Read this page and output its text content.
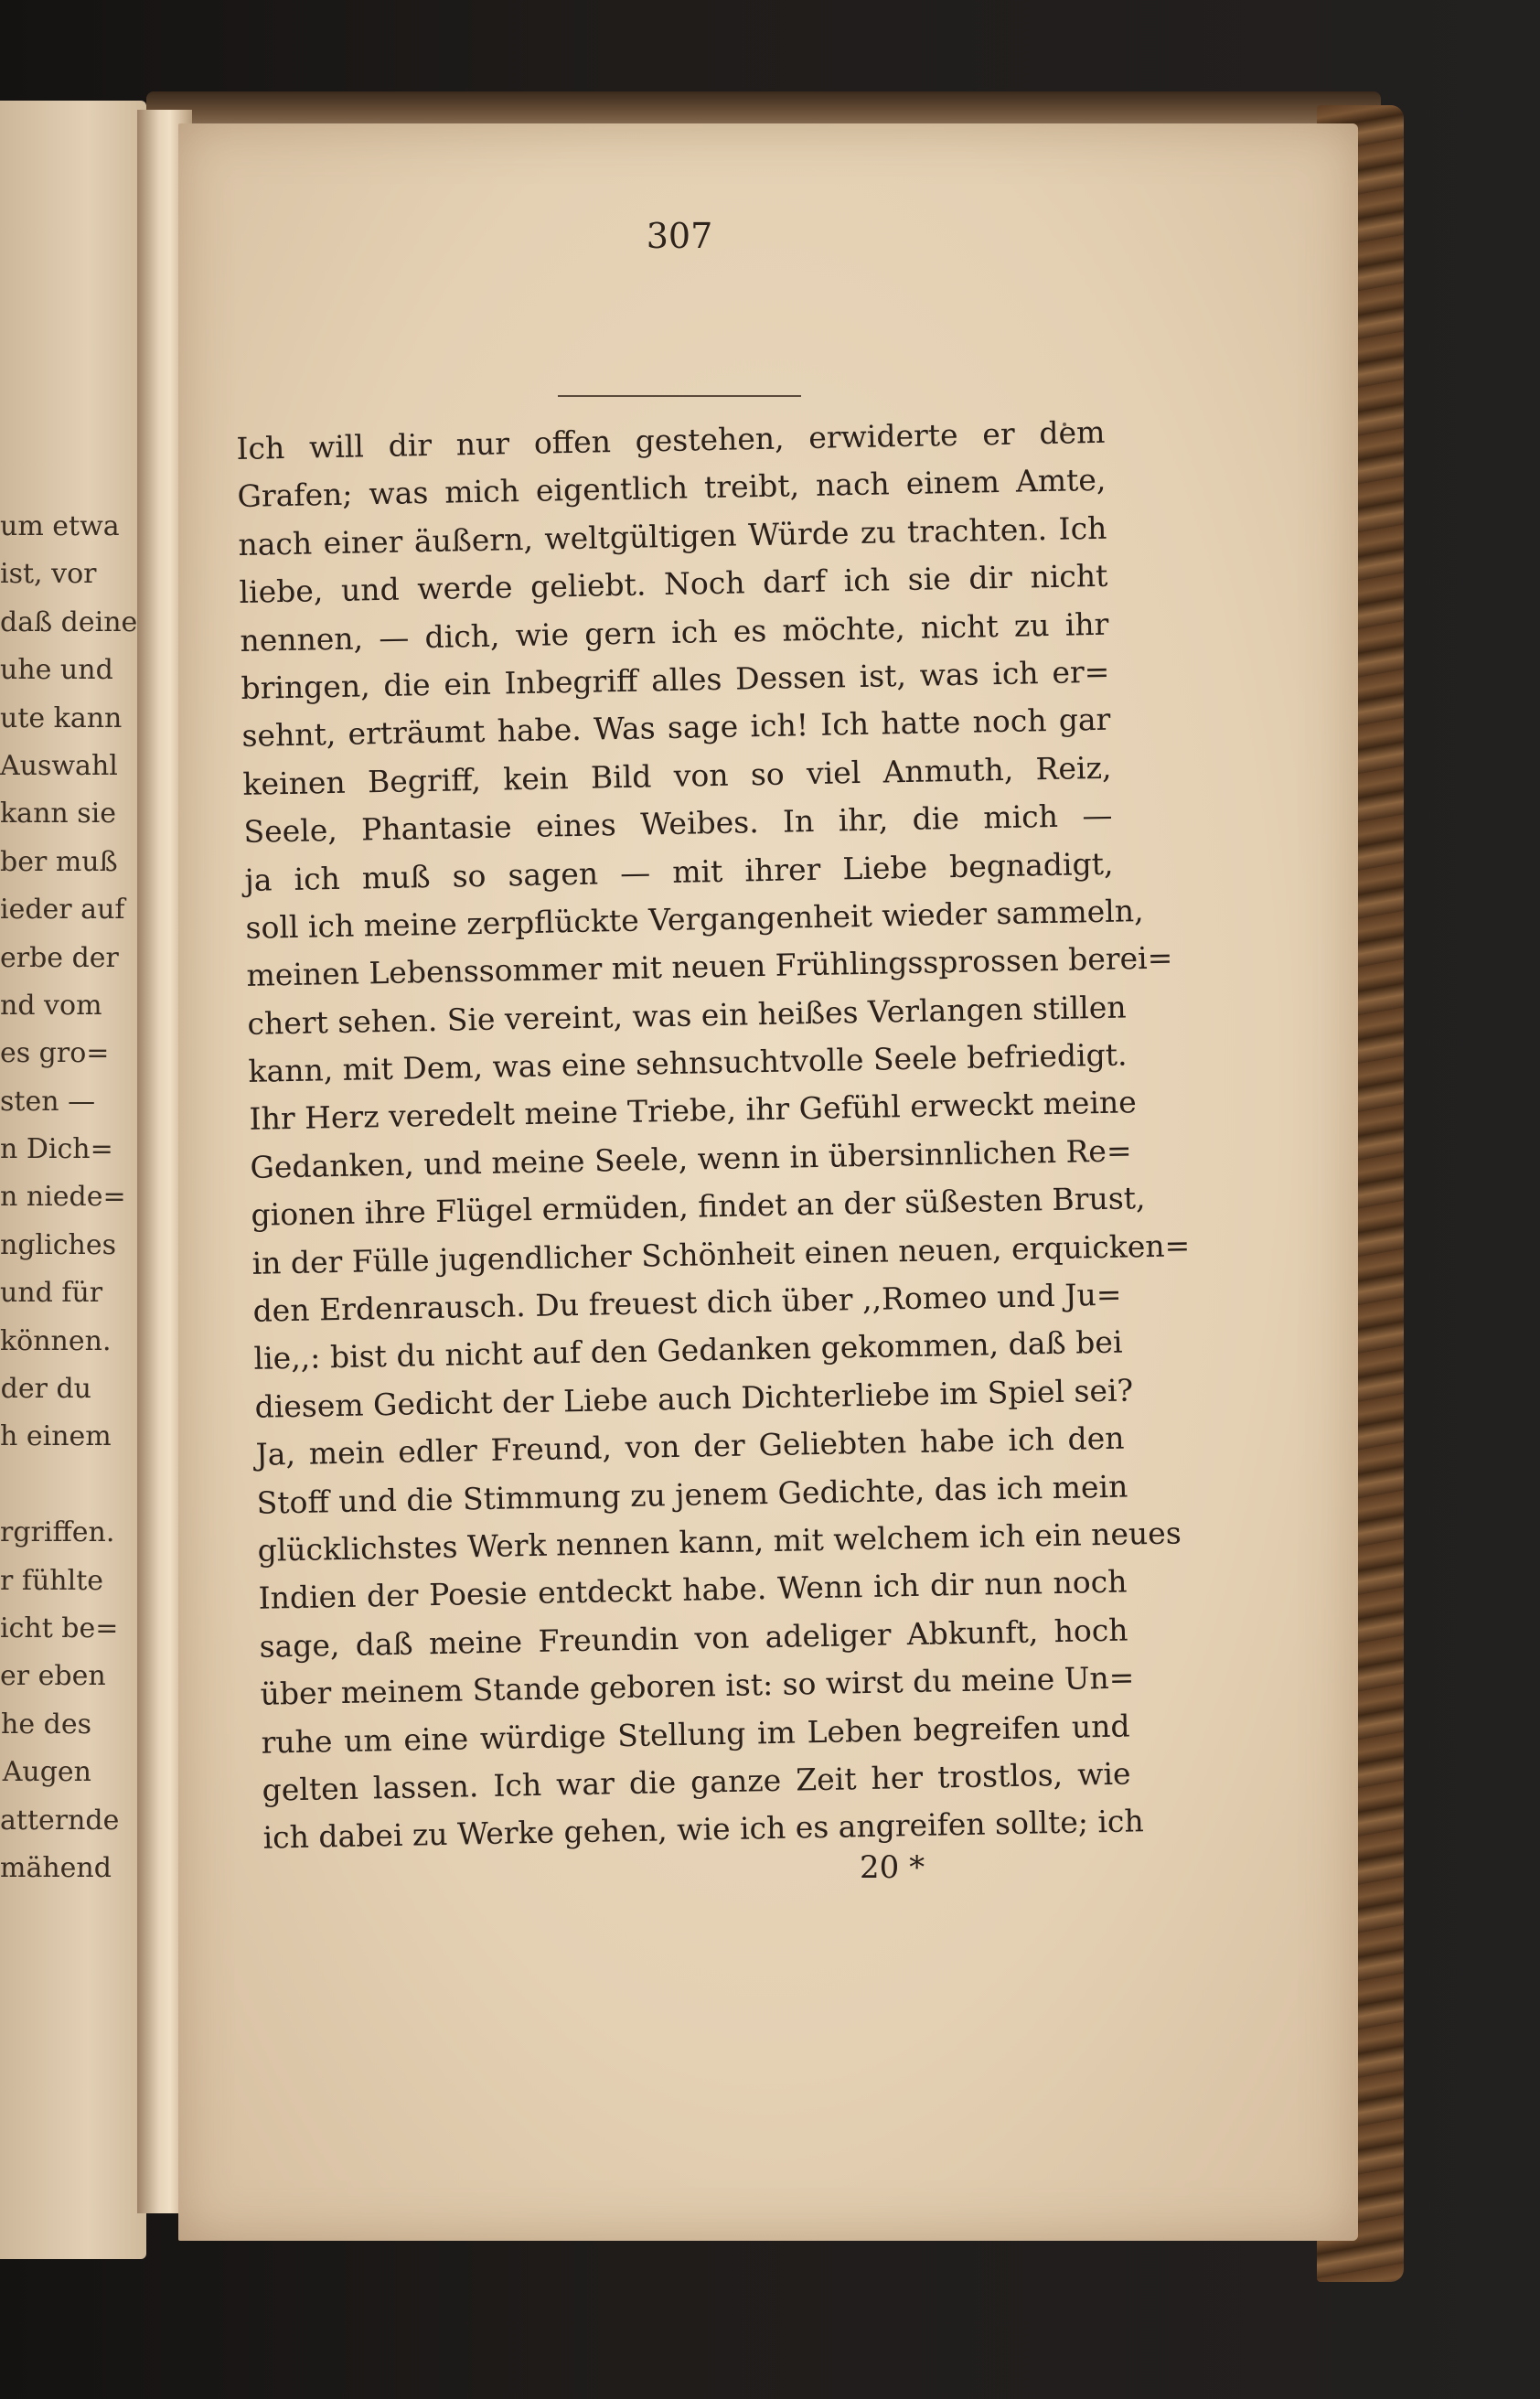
um etwa
ist, vor
daß deine
uhe und
ute kann
Auswahl
kann sie
ber muß
ieder auf
erbe der
nd vom
es gro=
sten —
n Dich=
n niede=
ngliches
und für
können.
der du
h einem
rgriffen.
r fühlte
icht be=
er eben
he des
Augen
atternde
mähend
307
Ich will dir nur offen gestehen, erwiderte er dem
Grafen; was mich eigentlich treibt, nach einem Amte,
nach einer äußern, weltgültigen Würde zu trachten. Ich
liebe, und werde geliebt. Noch darf ich sie dir nicht
nennen, — dich, wie gern ich es möchte, nicht zu ihr
bringen, die ein Inbegriff alles Dessen ist, was ich er=
sehnt, erträumt habe. Was sage ich! Ich hatte noch gar
keinen Begriff, kein Bild von so viel Anmuth, Reiz,
Seele, Phantasie eines Weibes. In ihr, die mich —
ja ich muß so sagen — mit ihrer Liebe begnadigt,
soll ich meine zerpflückte Vergangenheit wieder sammeln,
meinen Lebenssommer mit neuen Frühlingssprossen berei=
chert sehen. Sie vereint, was ein heißes Verlangen stillen
kann, mit Dem, was eine sehnsuchtvolle Seele befriedigt.
Ihr Herz veredelt meine Triebe, ihr Gefühl erweckt meine
Gedanken, und meine Seele, wenn in übersinnlichen Re=
gionen ihre Flügel ermüden, findet an der süßesten Brust,
in der Fülle jugendlicher Schönheit einen neuen, erquicken=
den Erdenrausch. Du freuest dich über ,,Romeo und Ju=
lie,,: bist du nicht auf den Gedanken gekommen, daß bei
diesem Gedicht der Liebe auch Dichterliebe im Spiel sei?
Ja, mein edler Freund, von der Geliebten habe ich den
Stoff und die Stimmung zu jenem Gedichte, das ich mein
glücklichstes Werk nennen kann, mit welchem ich ein neues
Indien der Poesie entdeckt habe. Wenn ich dir nun noch
sage, daß meine Freundin von adeliger Abkunft, hoch
über meinem Stande geboren ist: so wirst du meine Un=
ruhe um eine würdige Stellung im Leben begreifen und
gelten lassen. Ich war die ganze Zeit her trostlos, wie
ich dabei zu Werke gehen, wie ich es angreifen sollte; ich
20 *
